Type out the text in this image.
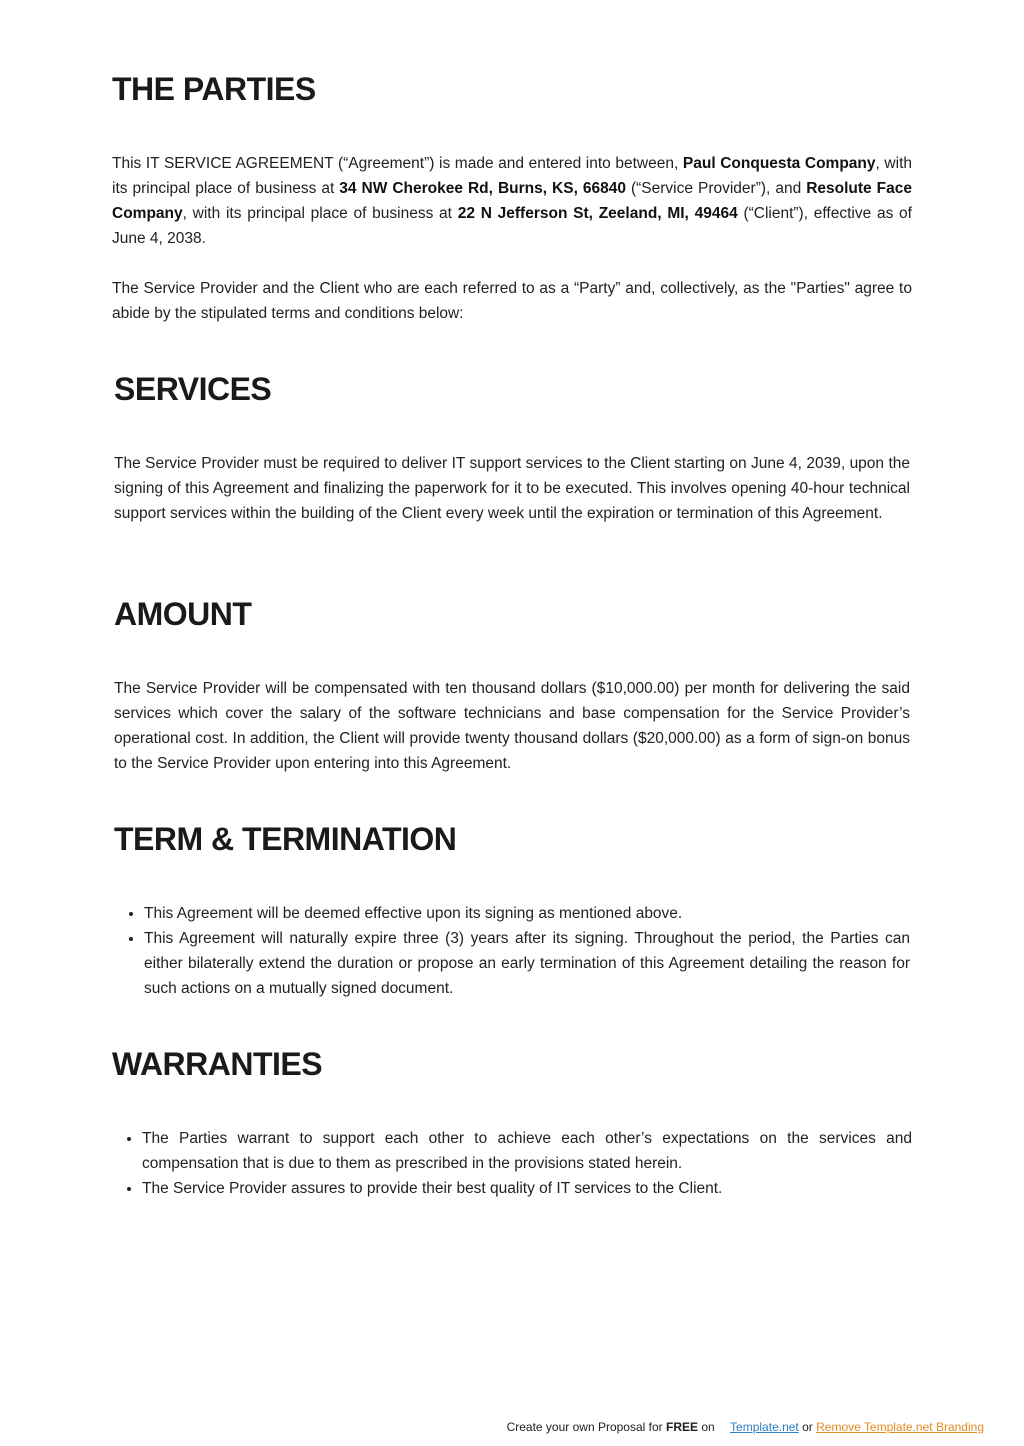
THE PARTIES

This IT SERVICE AGREEMENT (“Agreement”) is made and entered into between, Paul Conquesta Company, with its principal place of business at 34 NW Cherokee Rd, Burns, KS, 66840 (“Service Provider”), and Resolute Face Company, with its principal place of business at 22 N Jefferson St, Zeeland, MI, 49464 (“Client”), effective as of June 4, 2038.

The Service Provider and the Client who are each referred to as a “Party” and, collectively, as the "Parties" agree to abide by the stipulated terms and conditions below:

SERVICES

The Service Provider must be required to deliver IT support services to the Client starting on June 4, 2039, upon the signing of this Agreement and finalizing the paperwork for it to be executed. This involves opening 40-hour technical support services within the building of the Client every week until the expiration or termination of this Agreement.

AMOUNT

The Service Provider will be compensated with ten thousand dollars ($10,000.00) per month for delivering the said services which cover the salary of the software technicians and base compensation for the Service Provider’s operational cost. In addition, the Client will provide twenty thousand dollars ($20,000.00) as a form of sign-on bonus to the Service Provider upon entering into this Agreement.

TERM & TERMINATION
• This Agreement will be deemed effective upon its signing as mentioned above.
• This Agreement will naturally expire three (3) years after its signing. Throughout the period, the Parties can either bilaterally extend the duration or propose an early termination of this Agreement detailing the reason for such actions on a mutually signed document.
WARRANTIES
• The Parties warrant to support each other to achieve each other’s expectations on the services and compensation that is due to them as prescribed in the provisions stated herein.
• The Service Provider assures to provide their best quality of IT services to the Client.
Create your own Proposal for FREE on Template.net or Remove Template.net Branding
